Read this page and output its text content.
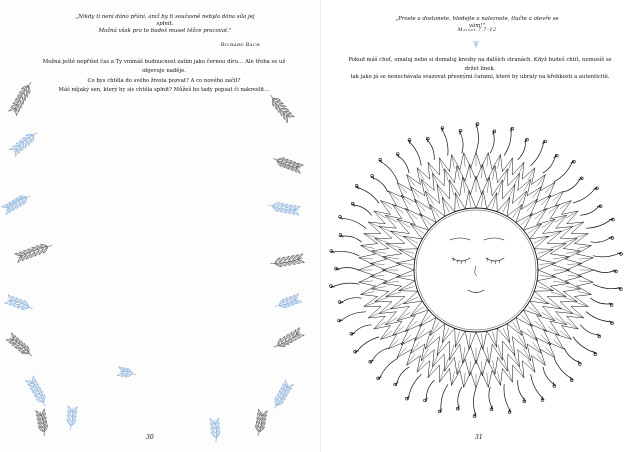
„Nikdy ti není dáno přání, aniž by ti současně nebyla dána síla jej splnit.
Možná však pro to budeš muset těžce pracovat."
Richard Bach
Možná ještě nepřišel čas a Ty vnímáš budoucnost zatím jako černou díru… Ale třeba se už objevuje naděje.
Co bys chtěla do svého života pozvat? A co nového začít?
Máš nějaký sen, který by sis chtěla splnit? Můžeš ho tady popsat či nakreslit…
30	31
„Proste a dostanete, hledejte a naleznete, tlučte a otevře se vám!"
Matouš 7,7–12
Pokud máš chuť, omaluj nebo si domaluj kresby na dalších stranách. Když budeš chtít, nemusíš se držet linek,
tak jako já se nenechávala svazovat přesnými čarami, které by ubraly na křehkosti a autenticitě.
